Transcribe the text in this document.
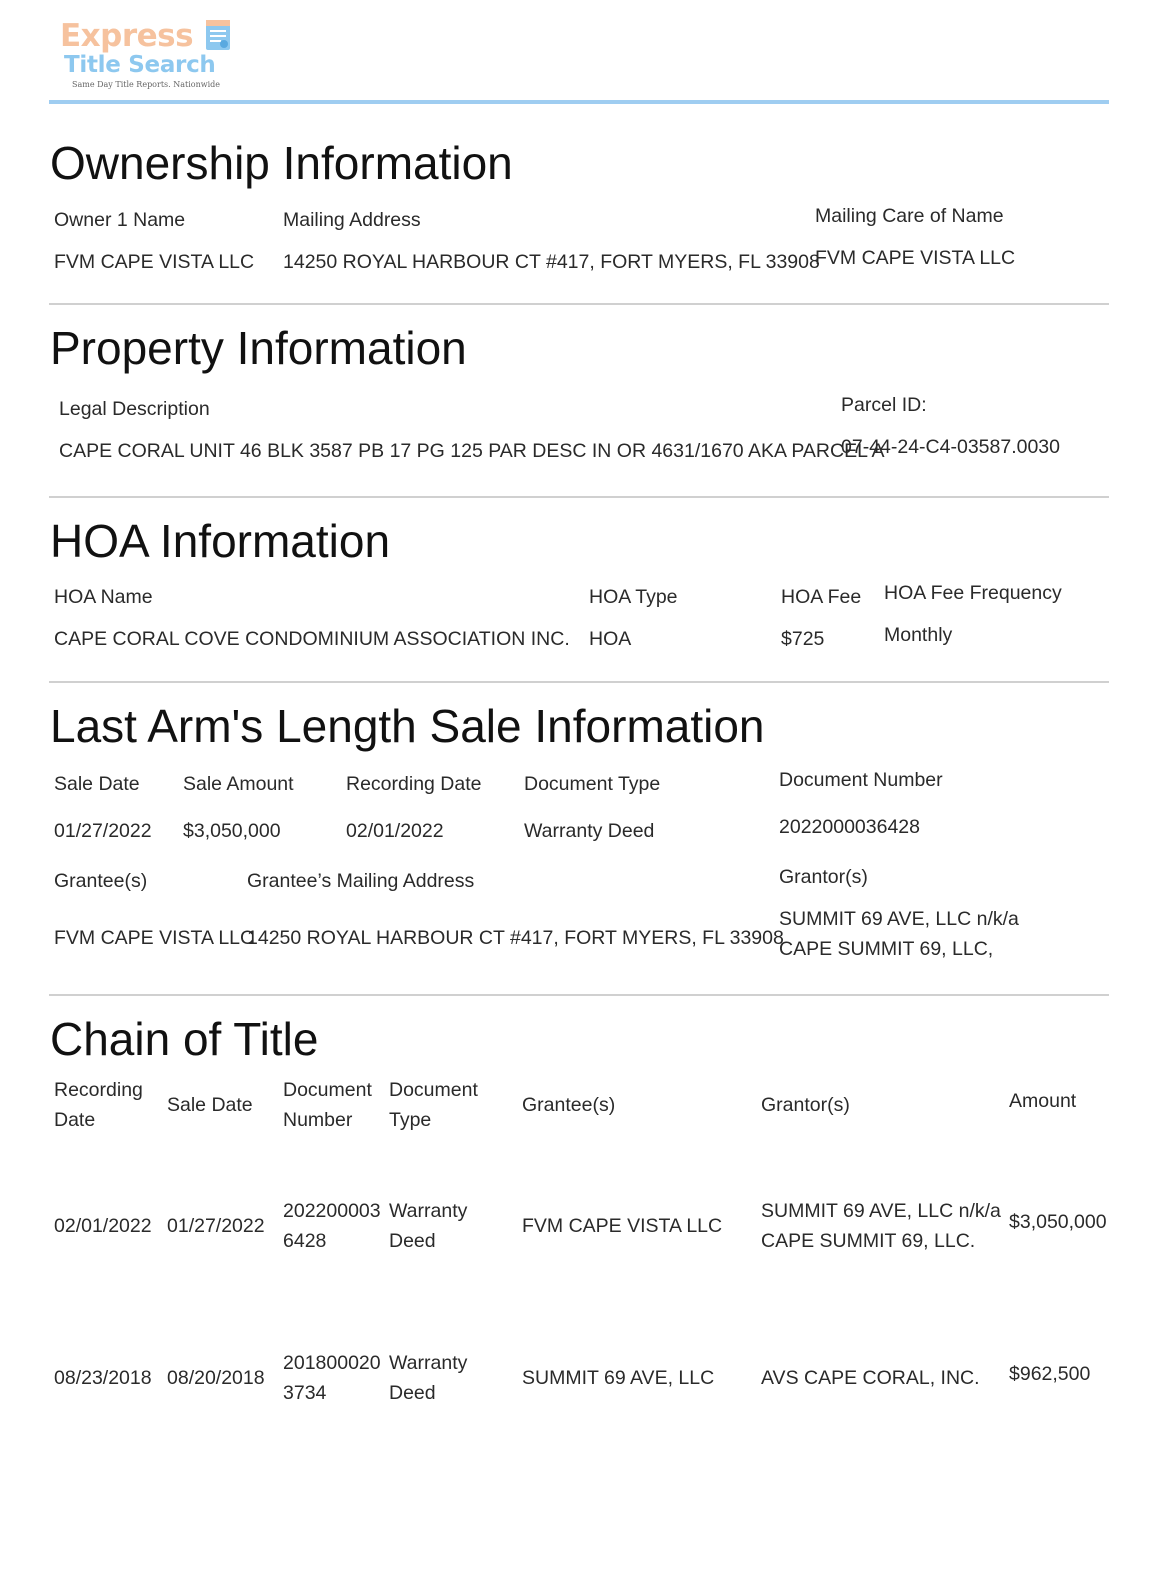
Express
Title Search
Same Day Title Reports. Nationwide
Ownership Information
Owner 1 Name
FVM CAPE VISTA LLC
Mailing Address
14250 ROYAL HARBOUR CT #417, FORT MYERS, FL 33908
Mailing Care of Name
FVM CAPE VISTA LLC
Property Information
Legal Description
CAPE CORAL UNIT 46 BLK 3587 PB 17 PG 125 PAR DESC IN OR 4631/1670 AKA PARCEL A
Parcel ID:
07-44-24-C4-03587.0030
HOA Information
HOA Name
CAPE CORAL COVE CONDOMINIUM ASSOCIATION INC.
HOA Type
HOA
HOA Fee
$725
HOA Fee Frequency
Monthly
Last Arm's Length Sale Information
Sale Date
01/27/2022
Sale Amount
$3,050,000
Recording Date
02/01/2022
Document Type
Warranty Deed
Document Number
2022000036428
Grantee(s)
FVM CAPE VISTA LLC
Grantee’s Mailing Address
14250 ROYAL HARBOUR CT #417, FORT MYERS, FL 33908
Grantor(s)
SUMMIT 69 AVE, LLC n/k/a
CAPE SUMMIT 69, LLC,
Chain of Title
Recording
Date
Sale Date
Document
Number
Document
Type
Grantee(s)	Grantor(s)	Amount
02/01/2022 01/27/2022
202200003
6428
Warranty
Deed
FVM CAPE VISTA LLC
SUMMIT 69 AVE, LLC n/k/a
CAPE SUMMIT 69, LLC.
$3,050,000
08/23/2018 08/20/2018
201800020
3734
Warranty
Deed
SUMMIT 69 AVE, LLC AVS CAPE CORAL, INC. $962,500
